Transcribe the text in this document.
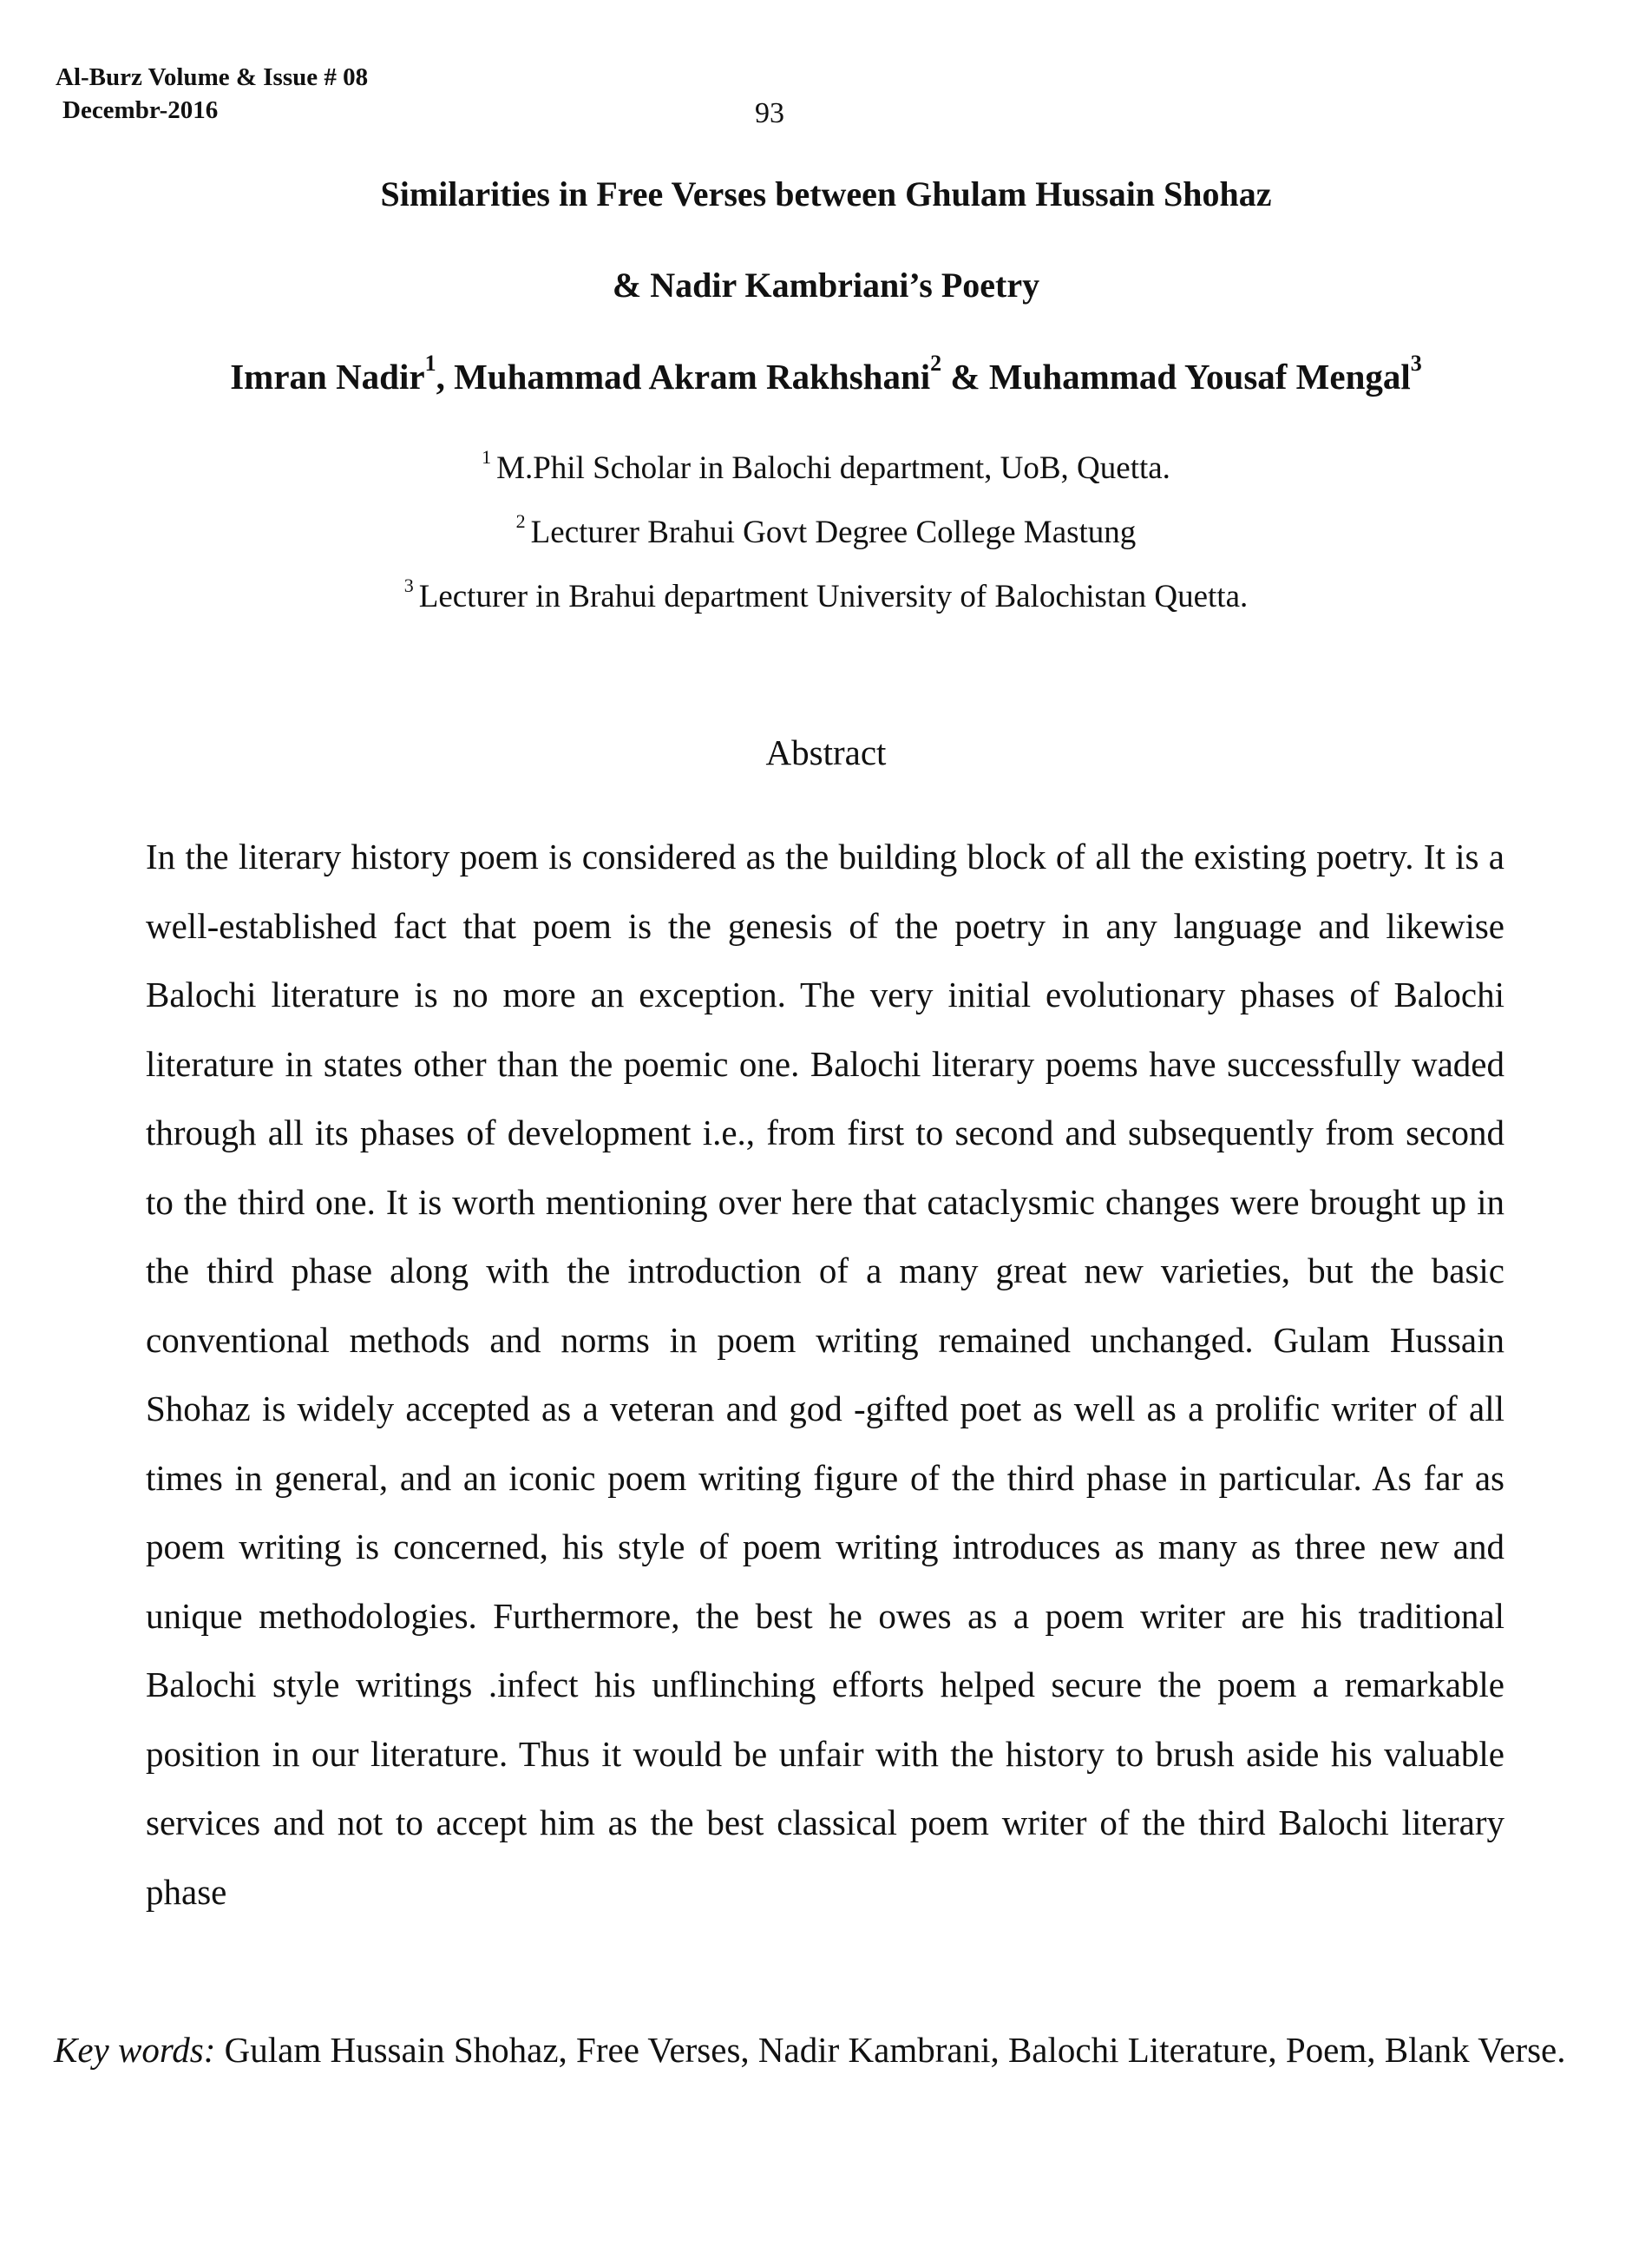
Al-Burz Volume & Issue # 08
Decembr-2016	93
Similarities in Free Verses between Ghulam Hussain Shohaz
& Nadir Kambriani’s Poetry
Imran Nadir$^1$, Muhammad Akram Rakhshani$^2$ & Muhammad Yousaf Mengal$^3$
$^1$ M.Phil Scholar in Balochi department, UoB, Quetta.
$^2$ Lecturer Brahui Govt Degree College Mastung
$^3$ Lecturer in Brahui department University of Balochistan Quetta.
Abstract

In the literary history poem is considered as the building block of all the existing poetry. It is a well-established fact that poem is the genesis of the poetry in any language and likewise Balochi literature is no more an exception. The very initial evolutionary phases of Balochi literature in states other than the poemic one. Balochi literary poems have successfully waded through all its phases of development i.e., from first to second and subsequently from second to the third one. It is worth mentioning over here that cataclysmic changes were brought up in the third phase along with the introduction of a many great new varieties, but the basic conventional methods and norms in poem writing remained unchanged. Gulam Hussain Shohaz is widely accepted as a veteran and god -gifted poet as well as a prolific writer of all times in general, and an iconic poem writing figure of the third phase in particular. As far as poem writing is concerned, his style of poem writing introduces as many as three new and unique methodologies. Furthermore, the best he owes as a poem writer are his traditional Balochi style writings .infect his unflinching efforts helped secure the poem a remarkable position in our literature. Thus it would be unfair with the history to brush aside his valuable services and not to accept him as the best classical poem writer of the third Balochi literary phase

Key words: Gulam Hussain Shohaz, Free Verses, Nadir Kambrani, Balochi Literature, Poem, Blank Verse.
